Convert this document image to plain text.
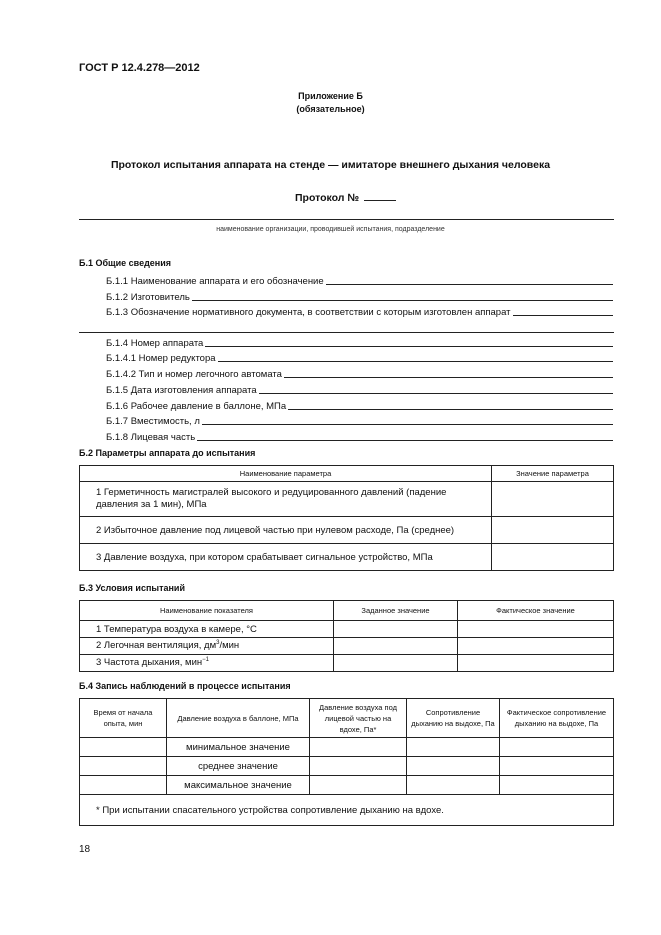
ГОСТ Р 12.4.278—2012
Приложение Б
(обязательное)
Протокол испытания аппарата на стенде — имитаторе внешнего дыхания человека
Протокол №
наименование организации, проводившей испытания, подразделение
Б.1 Общие сведения
Б.1.1 Наименование аппарата и его обозначение
Б.1.2 Изготовитель
Б.1.3 Обозначение нормативного документа, в соответствии с которым изготовлен аппарат
Б.1.4 Номер аппарата
Б.1.4.1 Номер редуктора
Б.1.4.2 Тип и номер легочного автомата
Б.1.5 Дата изготовления аппарата
Б.1.6 Рабочее давление в баллоне, МПа
Б.1.7 Вместимость, л
Б.1.8 Лицевая часть
Б.2 Параметры аппарата до испытания
Наименование параметра	Значение параметра
1 Герметичность магистралей высокого и редуцированного давлений (падение давления за 1 мин), МПа	
2 Избыточное давление под лицевой частью при нулевом расходе, Па (среднее)	
3 Давление воздуха, при котором срабатывает сигнальное устройство, МПа	
Б.3 Условия испытаний
Наименование показателя	Заданное значение	Фактическое значение
1 Температура воздуха в камере, °С		
2 Легочная вентиляция, $дм^3$/мин		
3 Частота дыхания, мин$^{-1}$		
Б.4 Запись наблюдений в процессе испытания
Время от начала опыта, мин	Давление воздуха в баллоне, МПа	Давление воздуха под лицевой частью на вдохе, Па*	Сопротивление дыханию на выдохе, Па	Фактическое сопротивление дыханию на выдохе, Па
	минимальное значение			
	среднее значение			
	максимальное значение			
* При испытании спасательного устройства сопротивление дыханию на вдохе.				
18
